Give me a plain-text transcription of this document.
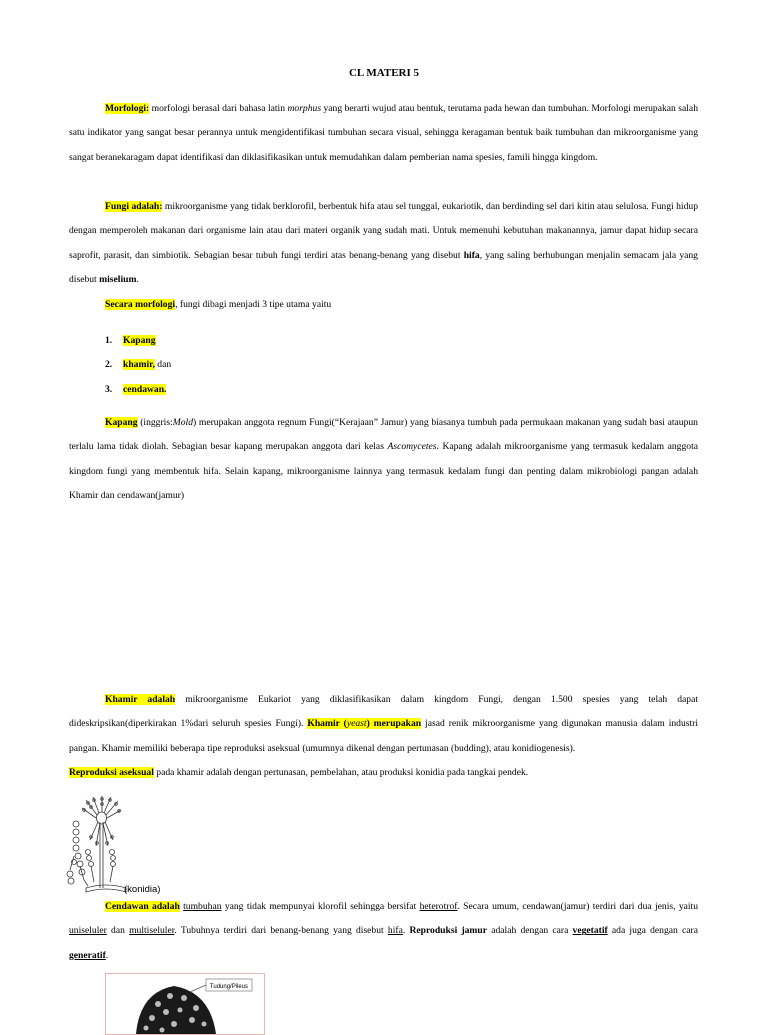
CL MATERI 5

Morfologi: morfologi berasal dari bahasa latin morphus yang berarti wujud atau bentuk, terutama pada hewan dan tumbuhan. Morfologi merupakan salah satu indikator yang sangat besar perannya untuk mengidentifikasi tumbuhan secara visual, sehingga keragaman bentuk baik tumbuhan dan mikroorganisme yang sangat beranekaragam dapat identifikasi dan diklasifikasikan untuk memudahkan dalam pemberian nama spesies, famili hingga kingdom.

Fungi adalah: mikroorganisme yang tidak berklorofil, berbentuk hifa atau sel tunggal, eukariotik, dan berdinding sel dari kitin atau selulosa. Fungi hidup dengan memperoleh makanan dari organisme lain atau dari materi organik yang sudah mati. Untuk memenuhi kebutuhan makanannya, jamur dapat hidup secara saprofit, parasit, dan simbiotik. Sebagian besar tubuh fungi terdiri atas benang-benang yang disebut hifa, yang saling berhubungan menjalin semacam jala yang disebut miselium.

Secara morfologi, fungi dibagi menjadi 3 tipe utama yaitu

1. Kapang
2. khamir, dan
3. cendawan.

Kapang (inggris:Mold) merupakan anggota regnum Fungi(“Kerajaan” Jamur) yang biasanya tumbuh pada permukaan makanan yang sudah basi ataupun terlalu lama tidak diolah. Sebagian besar kapang merupakan anggota dari kelas Ascomycetes. Kapang adalah mikroorganisme yang termasuk kedalam anggota kingdom fungi yang membentuk hifa. Selain kapang, mikroorganisme lainnya yang termasuk kedalam fungi dan penting dalam mikrobiologi pangan adalah Khamir dan cendawan(jamur)

Khamir adalah mikroorganisme Eukariot yang diklasifikasikan dalam kingdom Fungi, dengan 1.500 spesies yang telah dapat dideskripsikan(diperkirakan 1%dari seluruh spesies Fungi). Khamir (yeast) merupakan jasad renik mikroorganisme yang digunakan manusia dalam industri pangan. Khamir memiliki beberapa tipe reproduksi aseksual (umumnya dikenal dengan pertunasan (budding), atau konidiogenesis).
Reproduksi aseksual pada khamir adalah dengan pertunasan, pembelahan, atau produksi konidia pada tangkai pendek.

(konidia)

Cendawan adalah tumbuhan yang tidak mempunyai klorofil sehingga bersifat heterotrof. Secara umum, cendawan(jamur) terdiri dari dua jenis, yaitu uniseluler dan multiseluler. Tubuhnya terdiri dari benang-benang yang disebut hifa. Reproduksi jamur adalah dengan cara vegetatif ada juga dengan cara generatif.

Tudung/Pileus
